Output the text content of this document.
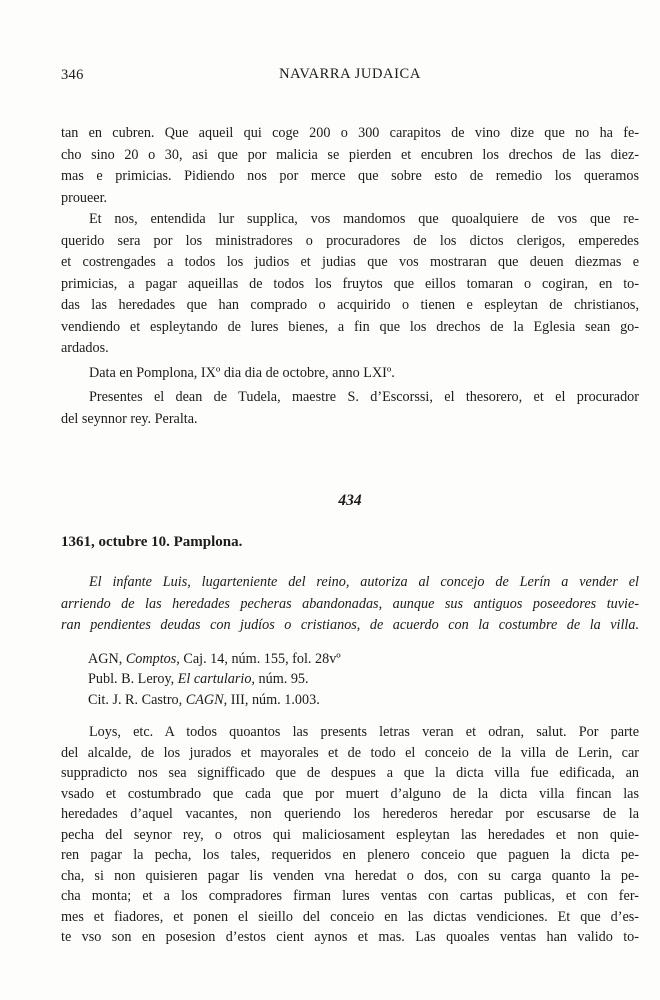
346	NAVARRA JUDAICA
tan en cubren. Que aqueil qui coge 200 o 300 carapitos de vino dize que no ha fe-
cho sino 20 o 30, asi que por malicia se pierden et encubren los drechos de las diez-
mas e primicias. Pidiendo nos por merce que sobre esto de remedio los queramos
proueer.
Et nos, entendida lur supplica, vos mandomos que quoalquiere de vos que re-
querido sera por los ministradores o procuradores de los dictos clerigos, emperedes
et costrengades a todos los judios et judias que vos mostraran que deuen diezmas e
primicias, a pagar aqueillas de todos los fruytos que eillos tomaran o cogiran, en to-
das las heredades que han comprado o acquirido o tienen e espleytan de christianos,
vendiendo et espleytando de lures bienes, a fin que los drechos de la Eglesia sean go-
ardados.
Data en Pomplona, IXº dia dia de octobre, anno LXIº.
Presentes el dean de Tudela, maestre S. d’Escorssi, el thesorero, et el procurador
del seynnor rey. Peralta.
434
1361, octubre 10. Pamplona.
El infante Luis, lugarteniente del reino, autoriza al concejo de Lerín a vender el
arriendo de las heredades pecheras abandonadas, aunque sus antiguos poseedores tuvie-
ran pendientes deudas con judíos o cristianos, de acuerdo con la costumbre de la villa.
AGN, Comptos, Caj. 14, núm. 155, fol. 28vº
Publ. B. Leroy, El cartulario, núm. 95.
Cit. J. R. Castro, CAGN, III, núm. 1.003.
Loys, etc. A todos quoantos las presents letras veran et odran, salut. Por parte
del alcalde, de los jurados et mayorales et de todo el conceio de la villa de Lerin, car
suppradicto nos sea signifficado que de despues a que la dicta villa fue edificada, an
vsado et costumbrado que cada que por muert d’alguno de la dicta villa fincan las
heredades d’aquel vacantes, non queriendo los herederos heredar por escusarse de la
pecha del seynor rey, o otros qui maliciosament espleytan las heredades et non quie-
ren pagar la pecha, los tales, requeridos en plenero conceio que paguen la dicta pe-
cha, si non quisieren pagar lis venden vna heredat o dos, con su carga quanto la pe-
cha monta; et a los compradores firman lures ventas con cartas publicas, et con fer-
mes et fiadores, et ponen el sieillo del conceio en las dictas vendiciones. Et que d’es-
te vso son en posesion d’estos cient aynos et mas. Las quoales ventas han valido to-
